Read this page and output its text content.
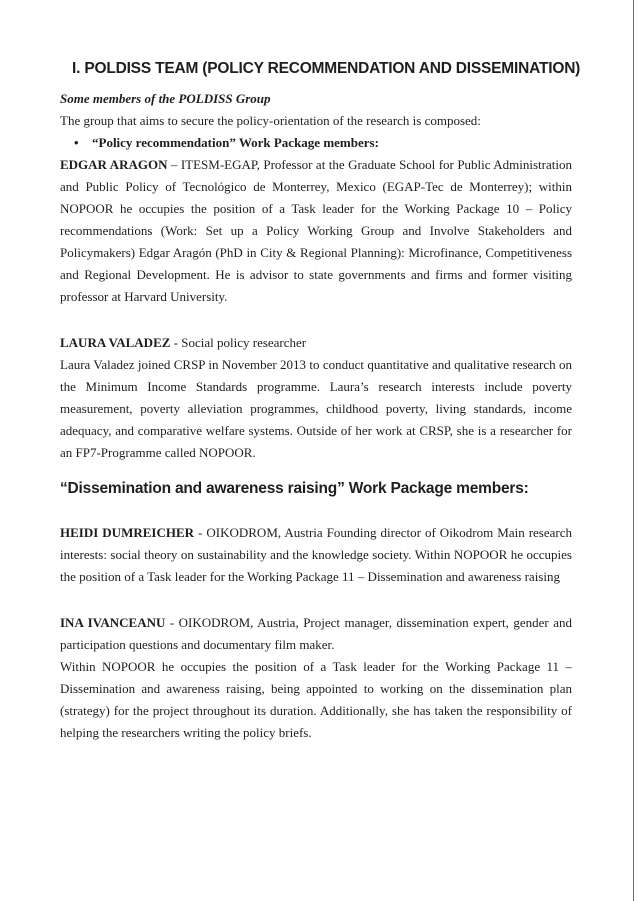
I. POLDISS TEAM (POLICY RECOMMENDATION AND DISSEMINATION)

Some members of the POLDISS Group

The group that aims to secure the policy-orientation of the research is composed:

•	“Policy recommendation” Work Package members:

EDGAR ARAGON – ITESM-EGAP, Professor at the Graduate School for Public Administration and Public Policy of Tecnológico de Monterrey, Mexico (EGAP-Tec de Monterrey); within NOPOOR he occupies the position of a Task leader for the Working Package 10 – Policy recommendations (Work: Set up a Policy Working Group and Involve Stakeholders and Policymakers) Edgar Aragón (PhD in City & Regional Planning): Microfinance, Competitiveness and Regional Development. He is advisor to state governments and firms and former visiting professor at Harvard University.

LAURA VALADEZ - Social policy researcher

Laura Valadez joined CRSP in November 2013 to conduct quantitative and qualitative research on the Minimum Income Standards programme. Laura’s research interests include poverty measurement, poverty alleviation programmes, childhood poverty, living standards, income adequacy, and comparative welfare systems. Outside of her work at CRSP, she is a researcher for an FP7-Programme called NOPOOR.

“Dissemination and awareness raising” Work Package members:

HEIDI DUMREICHER - OIKODROM, Austria Founding director of Oikodrom Main research interests: social theory on sustainability and the knowledge society. Within NOPOOR he occupies the position of a Task leader for the Working Package 11 – Dissemination and awareness raising

INA IVANCEANU - OIKODROM, Austria, Project manager, dissemination expert, gender and participation questions and documentary film maker.

Within NOPOOR he occupies the position of a Task leader for the Working Package 11 – Dissemination and awareness raising, being appointed to working on the dissemination plan (strategy) for the project throughout its duration. Additionally, she has taken the responsibility of helping the researchers writing the policy briefs.
